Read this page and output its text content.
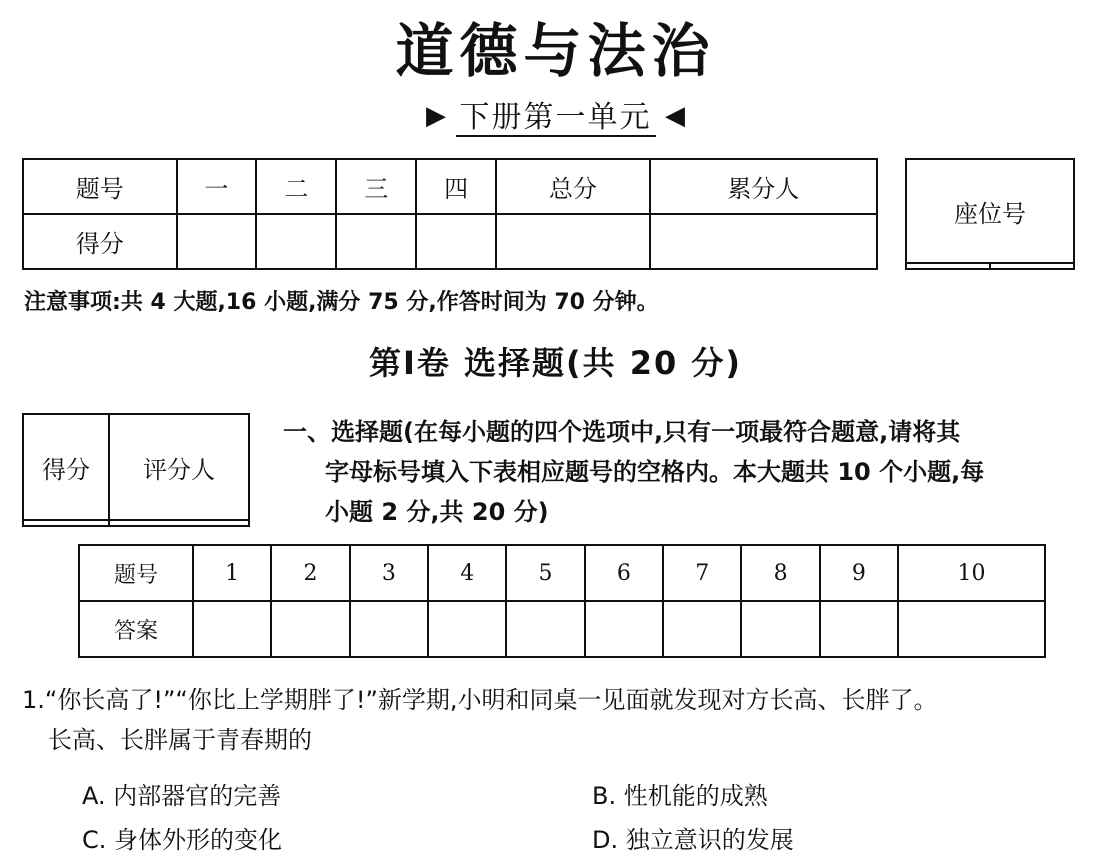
道德与法治
▶ 下册第一单元 ◀
题号	一	二	三	四	总分	累分人
得分						
座位号

注意事项:共 4 大题,16 小题,满分 75 分,作答时间为 70 分钟。
第Ⅰ卷 选择题(共 20 分)
得分	评分人

一、选择题(在每小题的四个选项中,只有一项最符合题意,请将其
字母标号填入下表相应题号的空格内。本大题共 10 个小题,每
小题 2 分,共 20 分)
题号	1	2	3	4	5	6	7	8	9	10
答案										
1.“你长高了!”“你比上学期胖了!”新学期,小明和同桌一见面就发现对方长高、长胖了。
长高、长胖属于青春期的
A. 内部器官的完善	B. 性机能的成熟
C. 身体外形的变化	D. 独立意识的发展
